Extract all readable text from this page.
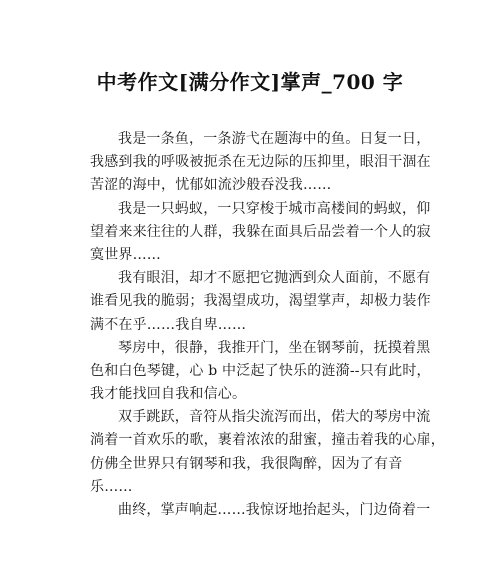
中考作文[满分作文]掌声_700 字
我是一条鱼，一条游弋在题海中的鱼。日复一日，
我感到我的呼吸被扼杀在无边际的压抑里，眼泪干涸在
苦涩的海中，忧郁如流沙般吞没我……
我是一只蚂蚁，一只穿梭于城市高楼间的蚂蚁，仰
望着来来往往的人群，我躲在面具后品尝着一个人的寂
寞世界……
我有眼泪，却才不愿把它抛洒到众人面前，不愿有
谁看见我的脆弱；我渴望成功，渴望掌声，却极力装作
满不在乎……我自卑……
琴房中，很静，我推开门，坐在钢琴前，抚摸着黑
色和白色琴键，心 b 中泛起了快乐的涟漪--只有此时，
我才能找回自我和信心。
双手跳跃，音符从指尖流泻而出，偌大的琴房中流
淌着一首欢乐的歌，裹着浓浓的甜蜜，撞击着我的心扉，
仿佛全世界只有钢琴和我，我很陶醉，因为了有音
乐……
曲终，掌声响起……我惊讶地抬起头，门边倚着一
